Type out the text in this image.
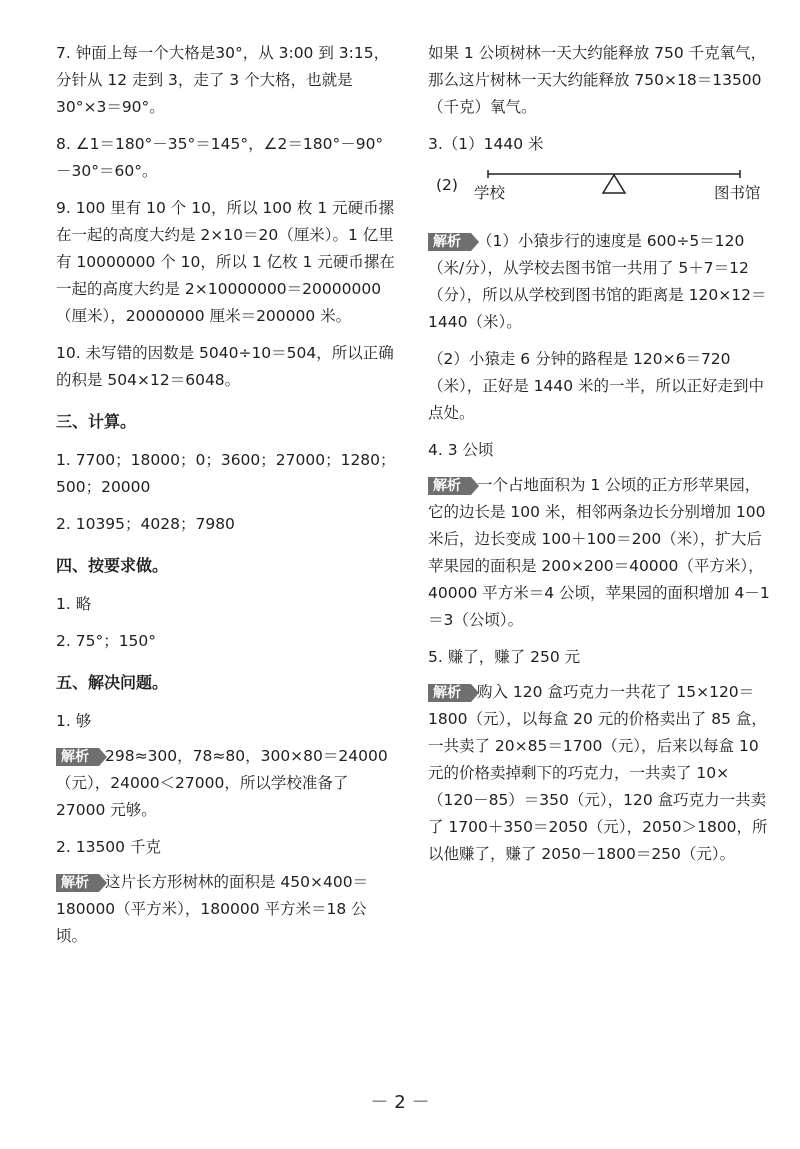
7. 钟面上每一个大格是30°，从 3:00 到 3:15，分针从 12 走到 3，走了 3 个大格，也就是 30°×3＝90°。

8. ∠1＝180°－35°＝145°，∠2＝180°－90°－30°＝60°。

9. 100 里有 10 个 10，所以 100 枚 1 元硬币摞在一起的高度大约是 2×10＝20（厘米）。1 亿里有 10000000 个 10，所以 1 亿枚 1 元硬币摞在一起的高度大约是 2×10000000＝20000000（厘米），20000000 厘米＝200000 米。

10. 未写错的因数是 5040÷10＝504，所以正确的积是 504×12＝6048。

三、计算。

1. 7700；18000；0；3600；27000；1280；500；20000

2. 10395；4028；7980

四、按要求做。

1. 略

2. 75°；150°

五、解决问题。

1. 够

解析 298≈300，78≈80，300×80＝24000（元），24000＜27000，所以学校准备了 27000 元够。

2. 13500 千克

解析 这片长方形树林的面积是 450×400＝180000（平方米），180000 平方米＝18 公顷。

如果 1 公顷树林一天大约能释放 750 千克氧气，那么这片树林一天大约能释放 750×18＝13500（千克）氧气。

3.（1）1440 米

(2) 学校	图书馆

解析 （1）小猿步行的速度是 600÷5＝120（米/分），从学校去图书馆一共用了 5＋7＝12（分），所以从学校到图书馆的距离是 120×12＝1440（米）。

（2）小猿走 6 分钟的路程是 120×6＝720（米），正好是 1440 米的一半，所以正好走到中点处。

4. 3 公顷

解析 一个占地面积为 1 公顷的正方形苹果园，它的边长是 100 米，相邻两条边长分别增加 100 米后，边长变成 100＋100＝200（米），扩大后苹果园的面积是 200×200＝40000（平方米），40000 平方米＝4 公顷，苹果园的面积增加 4－1＝3（公顷）。

5. 赚了，赚了 250 元

解析 购入 120 盒巧克力一共花了 15×120＝1800（元），以每盒 20 元的价格卖出了 85 盒，一共卖了 20×85＝1700（元），后来以每盒 10 元的价格卖掉剩下的巧克力，一共卖了 10×（120－85）＝350（元），120 盒巧克力一共卖了 1700＋350＝2050（元），2050＞1800，所以他赚了，赚了 2050－1800＝250（元）。

－ 2 －
